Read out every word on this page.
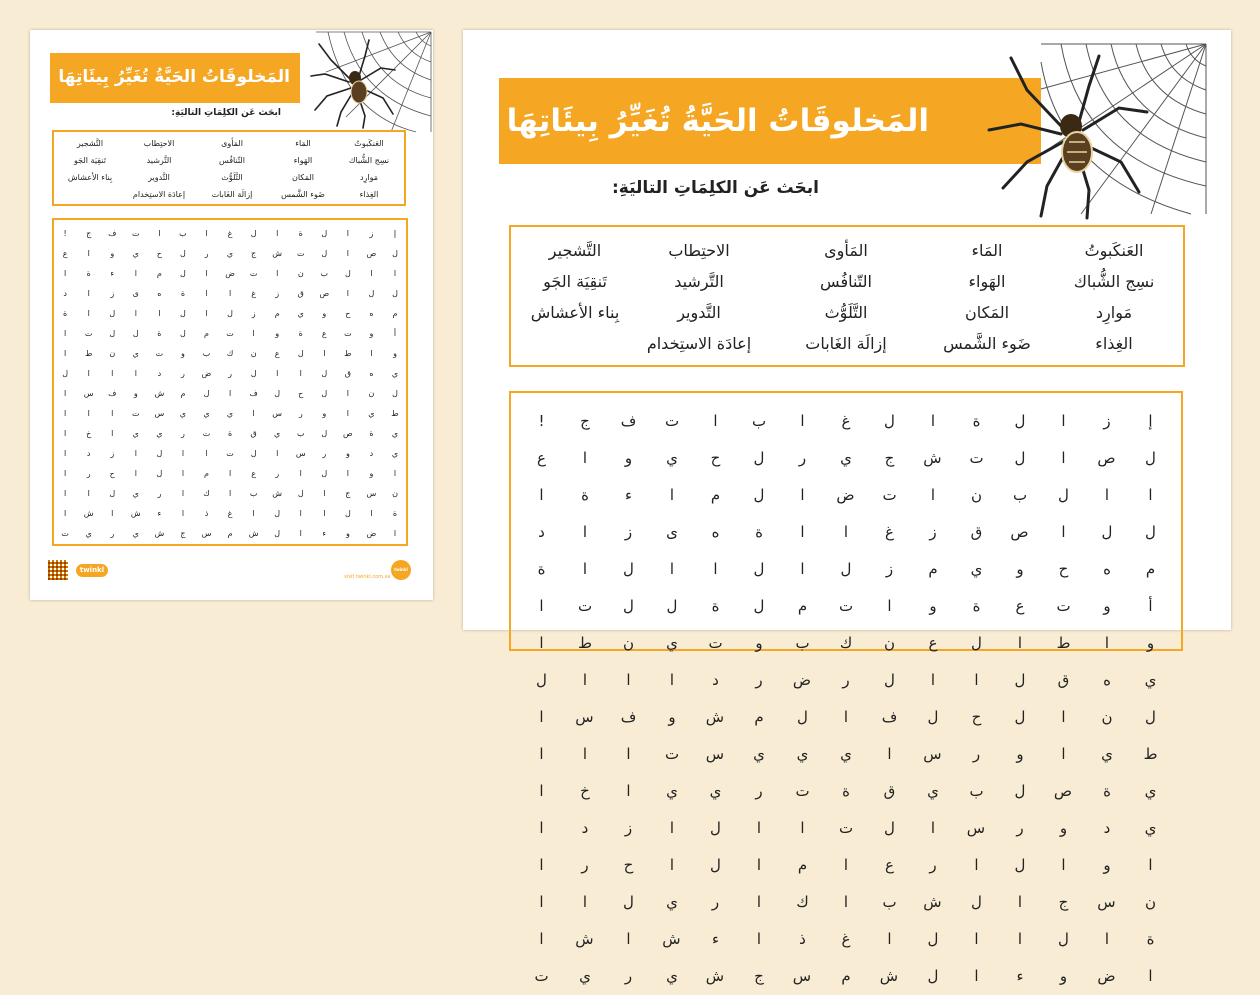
المَخلوقَاتُ الحَيَّةُ تُغَيِّرُ بِيئَاتِهَا
ابحَث عَن الكلِمَاتِ التاليَةِ:
العَنكَبوتُ
المَاء
المَأوى
الاحتِطاب
التَّشجير
نسِج الشُّباك
الهَواء
التّنافُس
التَّرشيد
تَنقِيَة الجَو
مَوارِد
المَكان
التَّلَوُّث
التَّدوير
بِناء الأعشاش
الغِذاء
ضَوء الشَّمس
إزالَة الغَابات
إعادَة الاستِخدام
إ
ز
ا
ل
ة
ا
ل
غ
ا
ب
ا
ت
ف
ج
!
ل
ص
ا
ل
ت
ش
ج
ي
ر
ل
ح
ي
و
ا
ع
ا
ا
ل
ب
ن
ا
ت
ض
ا
ل
م
ا
ء
ة
ا
ل
ل
ا
ص
ق
ز
غ
ا
ا
ة
ه
ى
ز
ا
د
م
ه
ح
و
ي
م
ز
ل
ا
ل
ا
ا
ل
ا
ة
أ
و
ت
ع
ة
و
ا
ت
م
ل
ة
ل
ل
ت
ا
و
ا
ط
ا
ل
ع
ن
ك
ب
و
ت
ي
ن
ط
ا
ي
ه
ق
ل
ا
ا
ل
ر
ض
ر
د
ا
ا
ا
ل
ل
ن
ا
ل
ح
ل
ف
ا
ل
م
ش
و
ف
س
ا
ط
ي
ا
و
ر
س
ا
ي
ي
ي
س
ت
ا
ا
ا
ي
ة
ص
ل
ب
ي
ق
ة
ت
ر
ي
ي
ا
خ
ا
ي
د
و
ر
س
ا
ل
ت
ا
ا
ل
ا
ز
د
ا
ا
و
ا
ل
ا
ر
ع
ا
م
ا
ل
ا
ح
ر
ا
ن
س
ج
ا
ل
ش
ب
ا
ك
ا
ر
ي
ل
ا
ا
ة
ا
ل
ا
ا
ل
ا
غ
ذ
ا
ء
ش
ا
ش
ا
ا
ض
و
ء
ا
ل
ش
م
س
ج
ش
ي
ر
ي
ت
twinkl
visit twinkl.com.sa
twinkl
المَخلوقَاتُ الحَيَّةُ تُغَيِّرُ بِيئَاتِهَا
ابحَث عَن الكلِمَاتِ التاليَةِ:
العَنكَبوتُ
المَاء
المَأوى
الاحتِطاب
التَّشجير
نسِج الشُّباك
الهَواء
التّنافُس
التَّرشيد
تَنقِيَة الجَو
مَوارِد
المَكان
التَّلَوُّث
التَّدوير
بِناء الأعشاش
الغِذاء
ضَوء الشَّمس
إزالَة الغَابات
إعادَة الاستِخدام
إ
ز
ا
ل
ة
ا
ل
غ
ا
ب
ا
ت
ف
ج
!
ل
ص
ا
ل
ت
ش
ج
ي
ر
ل
ح
ي
و
ا
ع
ا
ا
ل
ب
ن
ا
ت
ض
ا
ل
م
ا
ء
ة
ا
ل
ل
ا
ص
ق
ز
غ
ا
ا
ة
ه
ى
ز
ا
د
م
ه
ح
و
ي
م
ز
ل
ا
ل
ا
ا
ل
ا
ة
أ
و
ت
ع
ة
و
ا
ت
م
ل
ة
ل
ل
ت
ا
و
ا
ط
ا
ل
ع
ن
ك
ب
و
ت
ي
ن
ط
ا
ي
ه
ق
ل
ا
ا
ل
ر
ض
ر
د
ا
ا
ا
ل
ل
ن
ا
ل
ح
ل
ف
ا
ل
م
ش
و
ف
س
ا
ط
ي
ا
و
ر
س
ا
ي
ي
ي
س
ت
ا
ا
ا
ي
ة
ص
ل
ب
ي
ق
ة
ت
ر
ي
ي
ا
خ
ا
ي
د
و
ر
س
ا
ل
ت
ا
ا
ل
ا
ز
د
ا
ا
و
ا
ل
ا
ر
ع
ا
م
ا
ل
ا
ح
ر
ا
ن
س
ج
ا
ل
ش
ب
ا
ك
ا
ر
ي
ل
ا
ا
ة
ا
ل
ا
ا
ل
ا
غ
ذ
ا
ء
ش
ا
ش
ا
ا
ض
و
ء
ا
ل
ش
م
س
ج
ش
ي
ر
ي
ت
